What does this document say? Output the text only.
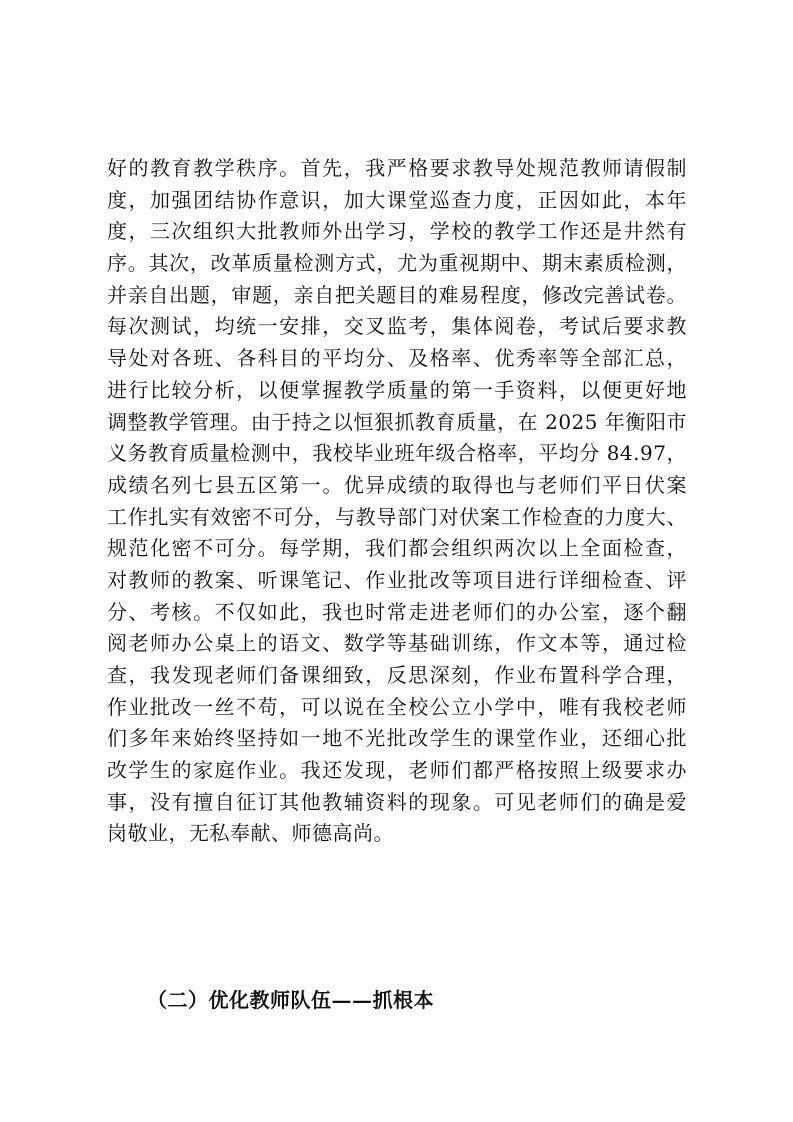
好的教育教学秩序。首先，我严格要求教导处规范教师请假制
度，加强团结协作意识，加大课堂巡查力度，正因如此，本年
度，三次组织大批教师外出学习，学校的教学工作还是井然有
序。其次，改革质量检测方式，尤为重视期中、期末素质检测，
并亲自出题，审题，亲自把关题目的难易程度，修改完善试卷。
每次测试，均统一安排，交叉监考，集体阅卷，考试后要求教
导处对各班、各科目的平均分、及格率、优秀率等全部汇总，
进行比较分析，以便掌握教学质量的第一手资料，以便更好地
调整教学管理。由于持之以恒狠抓教育质量，在 2025 年衡阳市
义务教育质量检测中，我校毕业班年级合格率，平均分 84.97，
成绩名列七县五区第一。优异成绩的取得也与老师们平日伏案
工作扎实有效密不可分，与教导部门对伏案工作检查的力度大、
规范化密不可分。每学期，我们都会组织两次以上全面检查，
对教师的教案、听课笔记、作业批改等项目进行详细检查、评
分、考核。不仅如此，我也时常走进老师们的办公室，逐个翻
阅老师办公桌上的语文、数学等基础训练，作文本等，通过检
查，我发现老师们备课细致，反思深刻，作业布置科学合理，
作业批改一丝不苟，可以说在全校公立小学中，唯有我校老师
们多年来始终坚持如一地不光批改学生的课堂作业，还细心批
改学生的家庭作业。我还发现，老师们都严格按照上级要求办
事，没有擅自征订其他教辅资料的现象。可见老师们的确是爱
岗敬业，无私奉献、师德高尚。
（二）优化教师队伍——抓根本
